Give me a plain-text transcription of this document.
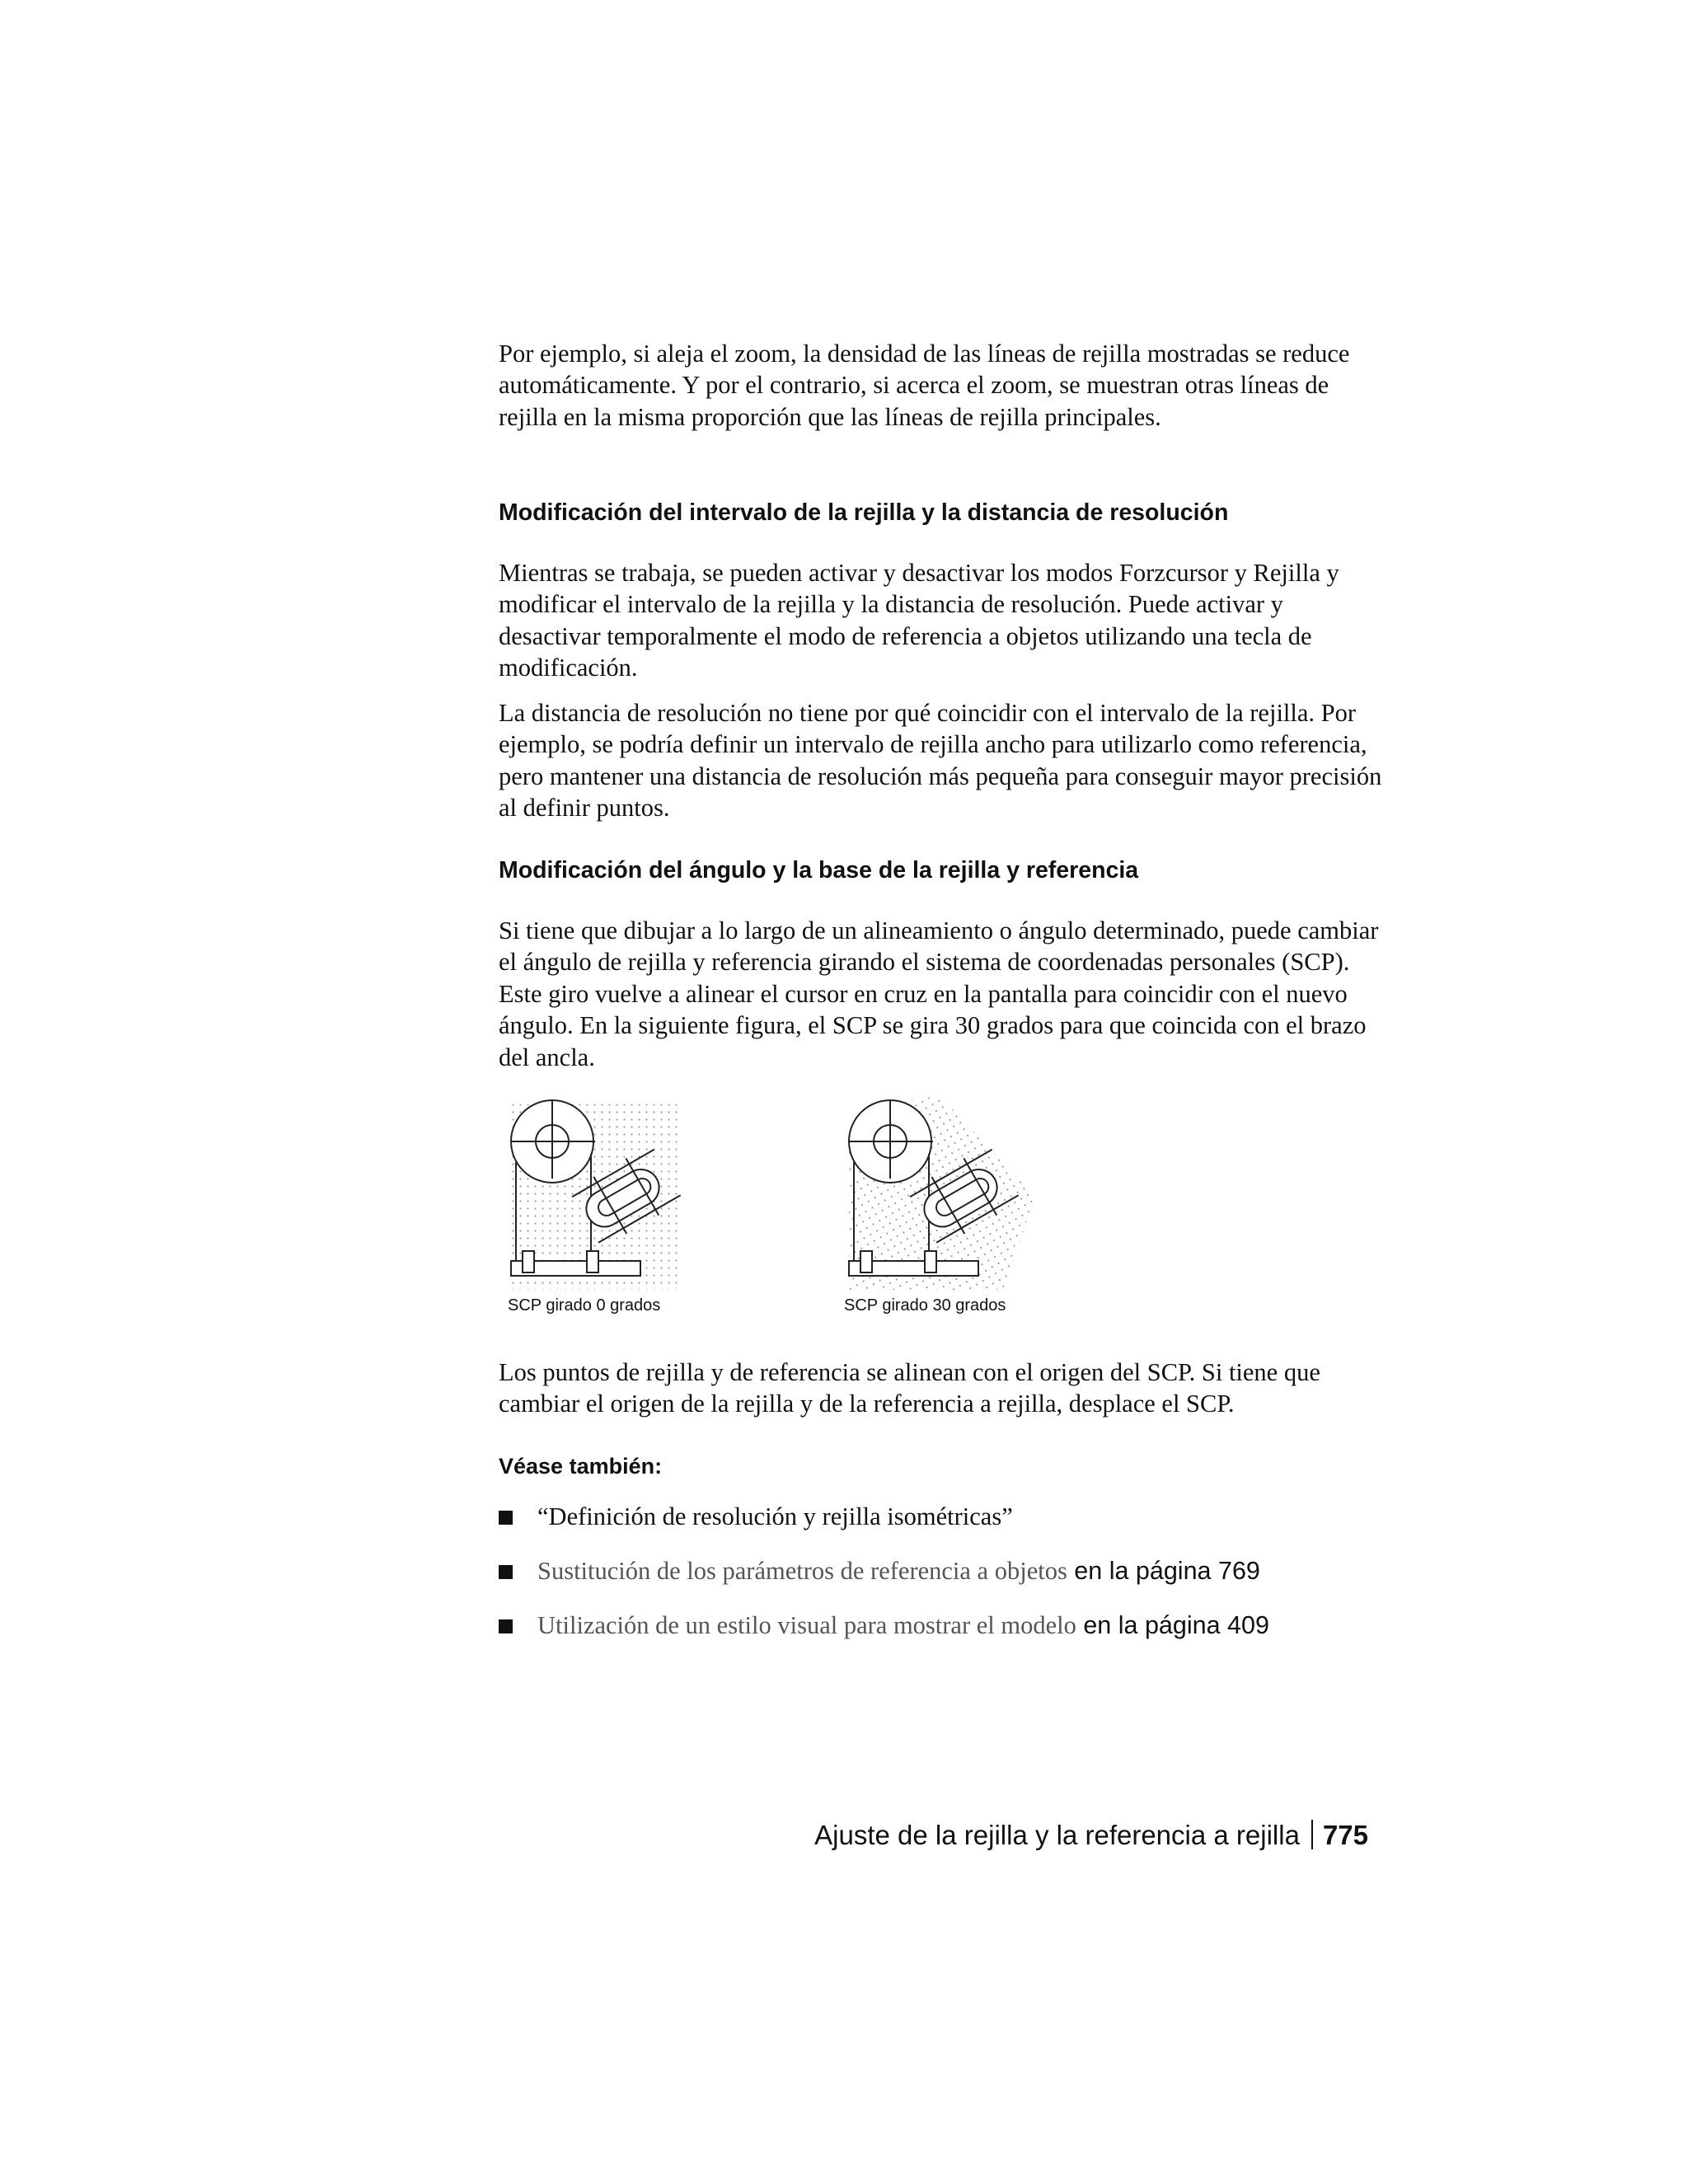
Por ejemplo, si aleja el zoom, la densidad de las líneas de rejilla mostradas se reduce automáticamente. Y por el contrario, si acerca el zoom, se muestran otras líneas de rejilla en la misma proporción que las líneas de rejilla principales.

Modificación del intervalo de la rejilla y la distancia de resolución

Mientras se trabaja, se pueden activar y desactivar los modos Forzcursor y Rejilla y modificar el intervalo de la rejilla y la distancia de resolución. Puede activar y desactivar temporalmente el modo de referencia a objetos utilizando una tecla de modificación.

La distancia de resolución no tiene por qué coincidir con el intervalo de la rejilla. Por ejemplo, se podría definir un intervalo de rejilla ancho para utilizarlo como referencia, pero mantener una distancia de resolución más pequeña para conseguir mayor precisión al definir puntos.

Modificación del ángulo y la base de la rejilla y referencia

Si tiene que dibujar a lo largo de un alineamiento o ángulo determinado, puede cambiar el ángulo de rejilla y referencia girando el sistema de coordenadas personales (SCP). Este giro vuelve a alinear el cursor en cruz en la pantalla para coincidir con el nuevo ángulo. En la siguiente figura, el SCP se gira 30 grados para que coincida con el brazo del ancla.

SCP girado 0 grados	SCP girado 30 grados

Los puntos de rejilla y de referencia se alinean con el origen del SCP. Si tiene que cambiar el origen de la rejilla y de la referencia a rejilla, desplace el SCP.

Véase también:
“Definición de resolución y rejilla isométricas”
Sustitución de los parámetros de referencia a objetos en la página 769
Utilización de un estilo visual para mostrar el modelo en la página 409
Ajuste de la rejilla y la referencia a rejilla 775
